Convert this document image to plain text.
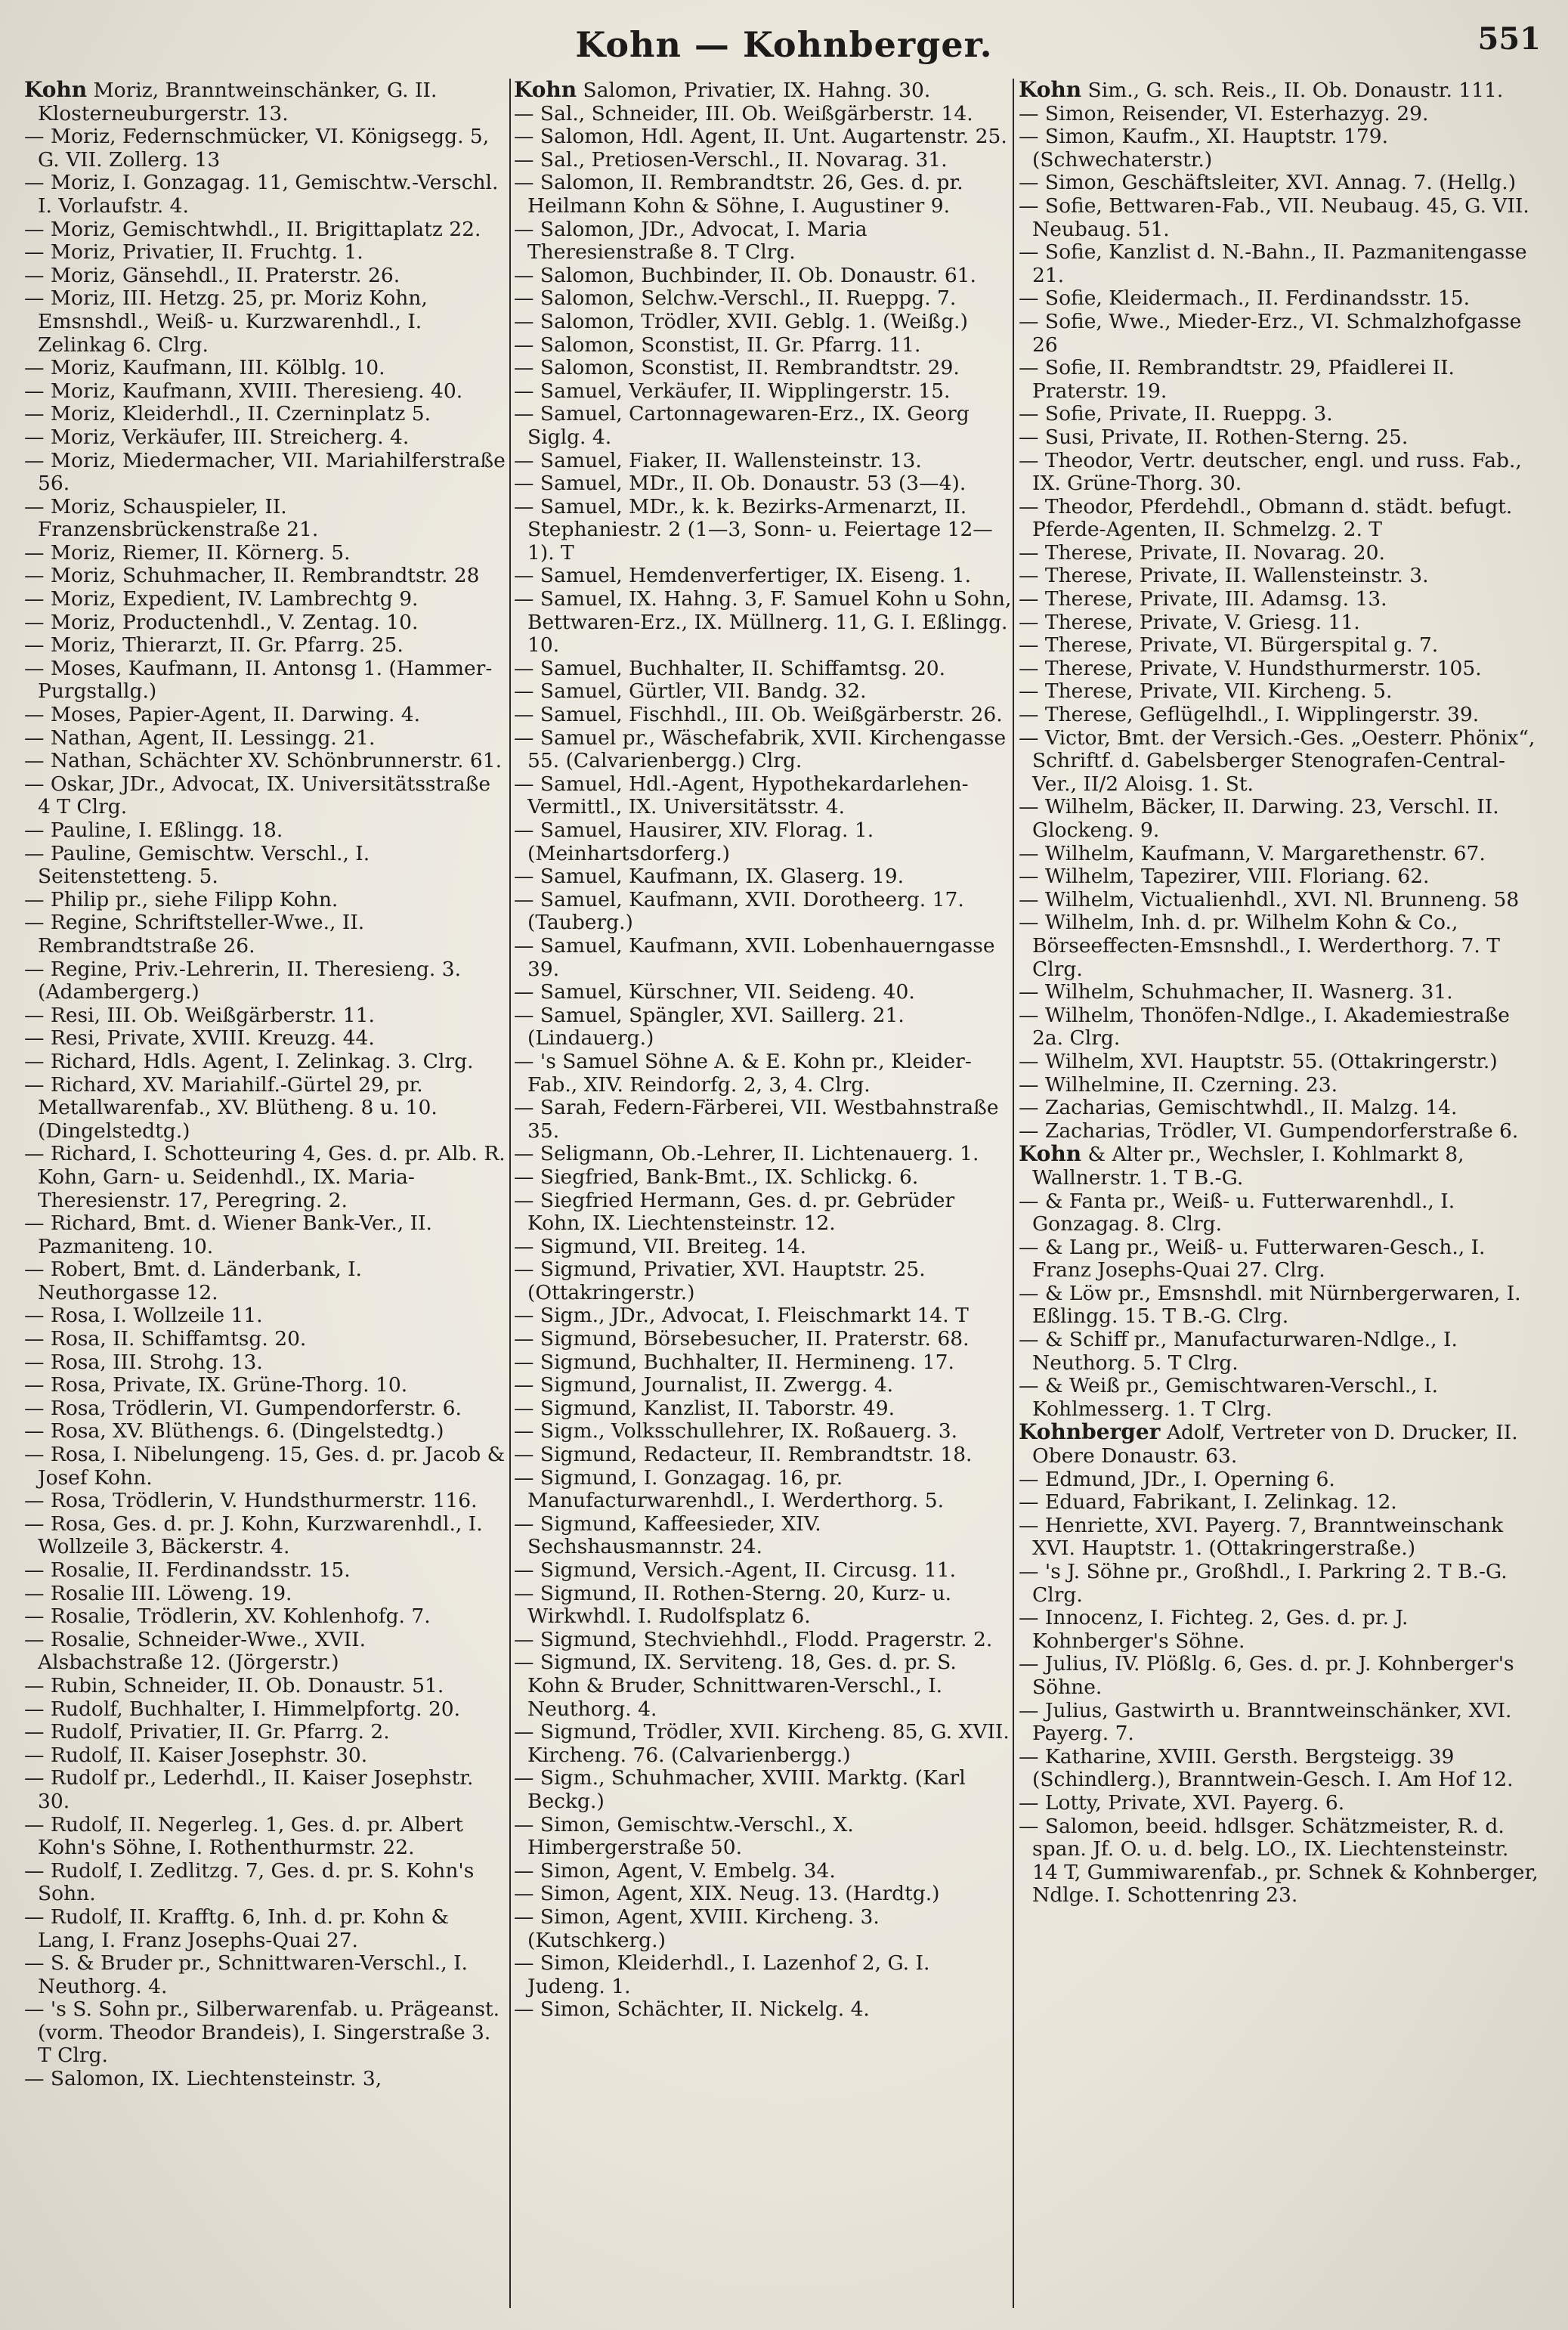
Kohn — Kohnberger.	551

Kohn Moriz, Branntweinschänker, G. II. Klosterneuburgerstr. 13.

— Moriz, Federnschmücker, VI. Königsegg. 5, G. VII. Zollerg. 13

— Moriz, I. Gonzagag. 11, Gemischtw.-Verschl. I. Vorlaufstr. 4.

— Moriz, Gemischtwhdl., II. Brigittaplatz 22.

— Moriz, Privatier, II. Fruchtg. 1.

— Moriz, Gänsehdl., II. Praterstr. 26.

— Moriz, III. Hetzg. 25, pr. Moriz Kohn, Emsnshdl., Weiß- u. Kurzwarenhdl., I. Zelinkag 6. Clrg.

— Moriz, Kaufmann, III. Kölblg. 10.

— Moriz, Kaufmann, XVIII. Theresieng. 40.

— Moriz, Kleiderhdl., II. Czerninplatz 5.

— Moriz, Verkäufer, III. Streicherg. 4.

— Moriz, Miedermacher, VII. Mariahilferstraße 56.

— Moriz, Schauspieler, II. Franzensbrückenstraße 21.

— Moriz, Riemer, II. Körnerg. 5.

— Moriz, Schuhmacher, II. Rembrandtstr. 28

— Moriz, Expedient, IV. Lambrechtg 9.

— Moriz, Productenhdl., V. Zentag. 10.

— Moriz, Thierarzt, II. Gr. Pfarrg. 25.

— Moses, Kaufmann, II. Antonsg 1. (Hammer-Purgstallg.)

— Moses, Papier-Agent, II. Darwing. 4.

— Nathan, Agent, II. Lessingg. 21.

— Nathan, Schächter XV. Schönbrunnerstr. 61.

— Oskar, JDr., Advocat, IX. Universitätsstraße 4 T Clrg.

— Pauline, I. Eßlingg. 18.

— Pauline, Gemischtw. Verschl., I. Seitenstetteng. 5.

— Philip pr., siehe Filipp Kohn.

— Regine, Schriftsteller-Wwe., II. Rembrandtstraße 26.

— Regine, Priv.-Lehrerin, II. Theresieng. 3. (Adambergerg.)

— Resi, III. Ob. Weißgärberstr. 11.

— Resi, Private, XVIII. Kreuzg. 44.

— Richard, Hdls. Agent, I. Zelinkag. 3. Clrg.

— Richard, XV. Mariahilf.-Gürtel 29, pr. Metallwarenfab., XV. Blütheng. 8 u. 10. (Dingelstedtg.)

— Richard, I. Schotteuring 4, Ges. d. pr. Alb. R. Kohn, Garn- u. Seidenhdl., IX. Maria-Theresienstr. 17, Peregring. 2.

— Richard, Bmt. d. Wiener Bank-Ver., II. Pazmaniteng. 10.

— Robert, Bmt. d. Länderbank, I. Neuthorgasse 12.

— Rosa, I. Wollzeile 11.

— Rosa, II. Schiffamtsg. 20.

— Rosa, III. Strohg. 13.

— Rosa, Private, IX. Grüne-Thorg. 10.

— Rosa, Trödlerin, VI. Gumpendorferstr. 6.

— Rosa, XV. Blüthengs. 6. (Dingelstedtg.)

— Rosa, I. Nibelungeng. 15, Ges. d. pr. Jacob & Josef Kohn.

— Rosa, Trödlerin, V. Hundsthurmerstr. 116.

— Rosa, Ges. d. pr. J. Kohn, Kurzwarenhdl., I. Wollzeile 3, Bäckerstr. 4.

— Rosalie, II. Ferdinandsstr. 15.

— Rosalie III. Löweng. 19.

— Rosalie, Trödlerin, XV. Kohlenhofg. 7.

— Rosalie, Schneider-Wwe., XVII. Alsbachstraße 12. (Jörgerstr.)

— Rubin, Schneider, II. Ob. Donaustr. 51.

— Rudolf, Buchhalter, I. Himmelpfortg. 20.

— Rudolf, Privatier, II. Gr. Pfarrg. 2.

— Rudolf, II. Kaiser Josephstr. 30.

— Rudolf pr., Lederhdl., II. Kaiser Josephstr. 30.

— Rudolf, II. Negerleg. 1, Ges. d. pr. Albert Kohn's Söhne, I. Rothenthurmstr. 22.

— Rudolf, I. Zedlitzg. 7, Ges. d. pr. S. Kohn's Sohn.

— Rudolf, II. Krafftg. 6, Inh. d. pr. Kohn & Lang, I. Franz Josephs-Quai 27.

— S. & Bruder pr., Schnittwaren-Verschl., I. Neuthorg. 4.

— 's S. Sohn pr., Silberwarenfab. u. Prägeanst. (vorm. Theodor Brandeis), I. Singerstraße 3. T Clrg.

— Salomon, IX. Liechtensteinstr. 3,

Kohn Salomon, Privatier, IX. Hahng. 30.

— Sal., Schneider, III. Ob. Weißgärberstr. 14.

— Salomon, Hdl. Agent, II. Unt. Augartenstr. 25.

— Sal., Pretiosen-Verschl., II. Novarag. 31.

— Salomon, II. Rembrandtstr. 26, Ges. d. pr. Heilmann Kohn & Söhne, I. Augustiner 9.

— Salomon, JDr., Advocat, I. Maria Theresienstraße 8. T Clrg.

— Salomon, Buchbinder, II. Ob. Donaustr. 61.

— Salomon, Selchw.-Verschl., II. Rueppg. 7.

— Salomon, Trödler, XVII. Geblg. 1. (Weißg.)

— Salomon, Sconstist, II. Gr. Pfarrg. 11.

— Salomon, Sconstist, II. Rembrandtstr. 29.

— Samuel, Verkäufer, II. Wipplingerstr. 15.

— Samuel, Cartonnagewaren-Erz., IX. Georg Siglg. 4.

— Samuel, Fiaker, II. Wallensteinstr. 13.

— Samuel, MDr., II. Ob. Donaustr. 53 (3—4).

— Samuel, MDr., k. k. Bezirks-Armenarzt, II. Stephaniestr. 2 (1—3, Sonn- u. Feiertage 12—1). T

— Samuel, Hemdenverfertiger, IX. Eiseng. 1.

— Samuel, IX. Hahng. 3, F. Samuel Kohn u Sohn, Bettwaren-Erz., IX. Müllnerg. 11, G. I. Eßlingg. 10.

— Samuel, Buchhalter, II. Schiffamtsg. 20.

— Samuel, Gürtler, VII. Bandg. 32.

— Samuel, Fischhdl., III. Ob. Weißgärberstr. 26.

— Samuel pr., Wäschefabrik, XVII. Kirchengasse 55. (Calvarienbergg.) Clrg.

— Samuel, Hdl.-Agent, Hypothekardarlehen-Vermittl., IX. Universitätsstr. 4.

— Samuel, Hausirer, XIV. Florag. 1. (Meinhartsdorferg.)

— Samuel, Kaufmann, IX. Glaserg. 19.

— Samuel, Kaufmann, XVII. Dorotheerg. 17. (Tauberg.)

— Samuel, Kaufmann, XVII. Lobenhauerngasse 39.

— Samuel, Kürschner, VII. Seideng. 40.

— Samuel, Spängler, XVI. Saillerg. 21. (Lindauerg.)

— 's Samuel Söhne A. & E. Kohn pr., Kleider-Fab., XIV. Reindorfg. 2, 3, 4. Clrg.

— Sarah, Federn-Färberei, VII. Westbahnstraße 35.

— Seligmann, Ob.-Lehrer, II. Lichtenauerg. 1.

— Siegfried, Bank-Bmt., IX. Schlickg. 6.

— Siegfried Hermann, Ges. d. pr. Gebrüder Kohn, IX. Liechtensteinstr. 12.

— Sigmund, VII. Breiteg. 14.

— Sigmund, Privatier, XVI. Hauptstr. 25. (Ottakringerstr.)

— Sigm., JDr., Advocat, I. Fleischmarkt 14. T

— Sigmund, Börsebesucher, II. Praterstr. 68.

— Sigmund, Buchhalter, II. Hermineng. 17.

— Sigmund, Journalist, II. Zwergg. 4.

— Sigmund, Kanzlist, II. Taborstr. 49.

— Sigm., Volksschullehrer, IX. Roßauerg. 3.

— Sigmund, Redacteur, II. Rembrandtstr. 18.

— Sigmund, I. Gonzagag. 16, pr. Manufacturwarenhdl., I. Werderthorg. 5.

— Sigmund, Kaffeesieder, XIV. Sechshausmannstr. 24.

— Sigmund, Versich.-Agent, II. Circusg. 11.

— Sigmund, II. Rothen-Sterng. 20, Kurz- u. Wirkwhdl. I. Rudolfsplatz 6.

— Sigmund, Stechviehhdl., Flodd. Pragerstr. 2.

— Sigmund, IX. Serviteng. 18, Ges. d. pr. S. Kohn & Bruder, Schnittwaren-Verschl., I. Neuthorg. 4.

— Sigmund, Trödler, XVII. Kircheng. 85, G. XVII. Kircheng. 76. (Calvarienbergg.)

— Sigm., Schuhmacher, XVIII. Marktg. (Karl Beckg.)

— Simon, Gemischtw.-Verschl., X. Himbergerstraße 50.

— Simon, Agent, V. Embelg. 34.

— Simon, Agent, XIX. Neug. 13. (Hardtg.)

— Simon, Agent, XVIII. Kircheng. 3. (Kutschkerg.)

— Simon, Kleiderhdl., I. Lazenhof 2, G. I. Judeng. 1.

— Simon, Schächter, II. Nickelg. 4.

Kohn Sim., G. sch. Reis., II. Ob. Donaustr. 111.

— Simon, Reisender, VI. Esterhazyg. 29.

— Simon, Kaufm., XI. Hauptstr. 179. (Schwechaterstr.)

— Simon, Geschäftsleiter, XVI. Annag. 7. (Hellg.)

— Sofie, Bettwaren-Fab., VII. Neubaug. 45, G. VII. Neubaug. 51.

— Sofie, Kanzlist d. N.-Bahn., II. Pazmanitengasse 21.

— Sofie, Kleidermach., II. Ferdinandsstr. 15.

— Sofie, Wwe., Mieder-Erz., VI. Schmalzhofgasse 26

— Sofie, II. Rembrandtstr. 29, Pfaidlerei II. Praterstr. 19.

— Sofie, Private, II. Rueppg. 3.

— Susi, Private, II. Rothen-Sterng. 25.

— Theodor, Vertr. deutscher, engl. und russ. Fab., IX. Grüne-Thorg. 30.

— Theodor, Pferdehdl., Obmann d. städt. befugt. Pferde-Agenten, II. Schmelzg. 2. T

— Therese, Private, II. Novarag. 20.

— Therese, Private, II. Wallensteinstr. 3.

— Therese, Private, III. Adamsg. 13.

— Therese, Private, V. Griesg. 11.

— Therese, Private, VI. Bürgerspital g. 7.

— Therese, Private, V. Hundsthurmerstr. 105.

— Therese, Private, VII. Kircheng. 5.

— Therese, Geflügelhdl., I. Wipplingerstr. 39.

— Victor, Bmt. der Versich.-Ges. „Oesterr. Phönix“, Schriftf. d. Gabelsberger Stenografen-Central-Ver., II/2 Aloisg. 1. St.

— Wilhelm, Bäcker, II. Darwing. 23, Verschl. II. Glockeng. 9.

— Wilhelm, Kaufmann, V. Margarethenstr. 67.

— Wilhelm, Tapezirer, VIII. Floriang. 62.

— Wilhelm, Victualienhdl., XVI. Nl. Brunneng. 58

— Wilhelm, Inh. d. pr. Wilhelm Kohn & Co., Börseeffecten-Emsnshdl., I. Werderthorg. 7. T Clrg.

— Wilhelm, Schuhmacher, II. Wasnerg. 31.

— Wilhelm, Thonöfen-Ndlge., I. Akademiestraße 2a. Clrg.

— Wilhelm, XVI. Hauptstr. 55. (Ottakringerstr.)

— Wilhelmine, II. Czerning. 23.

— Zacharias, Gemischtwhdl., II. Malzg. 14.

— Zacharias, Trödler, VI. Gumpendorferstraße 6.

Kohn & Alter pr., Wechsler, I. Kohlmarkt 8, Wallnerstr. 1. T B.-G.

— & Fanta pr., Weiß- u. Futterwarenhdl., I. Gonzagag. 8. Clrg.

— & Lang pr., Weiß- u. Futterwaren-Gesch., I. Franz Josephs-Quai 27. Clrg.

— & Löw pr., Emsnshdl. mit Nürnbergerwaren, I. Eßlingg. 15. T B.-G. Clrg.

— & Schiff pr., Manufacturwaren-Ndlge., I. Neuthorg. 5. T Clrg.

— & Weiß pr., Gemischtwaren-Verschl., I. Kohlmesserg. 1. T Clrg.

Kohnberger Adolf, Vertreter von D. Drucker, II. Obere Donaustr. 63.

— Edmund, JDr., I. Operning 6.

— Eduard, Fabrikant, I. Zelinkag. 12.

— Henriette, XVI. Payerg. 7, Branntweinschank XVI. Hauptstr. 1. (Ottakringerstraße.)

— 's J. Söhne pr., Großhdl., I. Parkring 2. T B.-G. Clrg.

— Innocenz, I. Fichteg. 2, Ges. d. pr. J. Kohnberger's Söhne.

— Julius, IV. Plößlg. 6, Ges. d. pr. J. Kohnberger's Söhne.

— Julius, Gastwirth u. Branntweinschänker, XVI. Payerg. 7.

— Katharine, XVIII. Gersth. Bergsteigg. 39 (Schindlerg.), Branntwein-Gesch. I. Am Hof 12.

— Lotty, Private, XVI. Payerg. 6.

— Salomon, beeid. hdlsger. Schätzmeister, R. d. span. Jf. O. u. d. belg. LO., IX. Liechtensteinstr. 14 T, Gummiwarenfab., pr. Schnek & Kohnberger, Ndlge. I. Schottenring 23.
